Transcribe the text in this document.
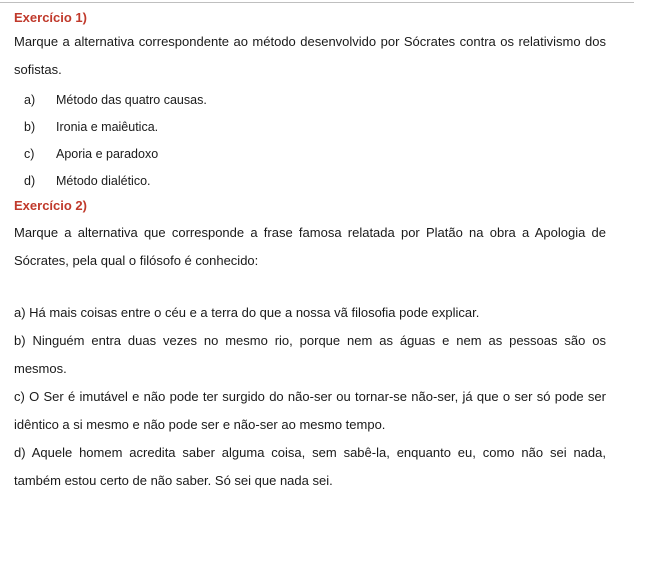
Exercício 1)

Marque a alternativa correspondente ao método desenvolvido por Sócrates contra os relativismo dos sofistas.

a)	Método das quatro causas.
b)	Ironia e maiêutica.
c)	Aporia e paradoxo
d)	Método dialético.

Exercício 2)

Marque a alternativa que corresponde a frase famosa relatada por Platão na obra a Apologia de Sócrates, pela qual o filósofo é conhecido:

a) Há mais coisas entre o céu e a terra do que a nossa vã filosofia pode explicar.

b) Ninguém entra duas vezes no mesmo rio, porque nem as águas e nem as pessoas são os mesmos.

c) O Ser é imutável e não pode ter surgido do não-ser ou tornar-se não-ser, já que o ser só pode ser idêntico a si mesmo e não pode ser e não-ser ao mesmo tempo.

d) Aquele homem acredita saber alguma coisa, sem sabê-la, enquanto eu, como não sei nada, também estou certo de não saber. Só sei que nada sei.
